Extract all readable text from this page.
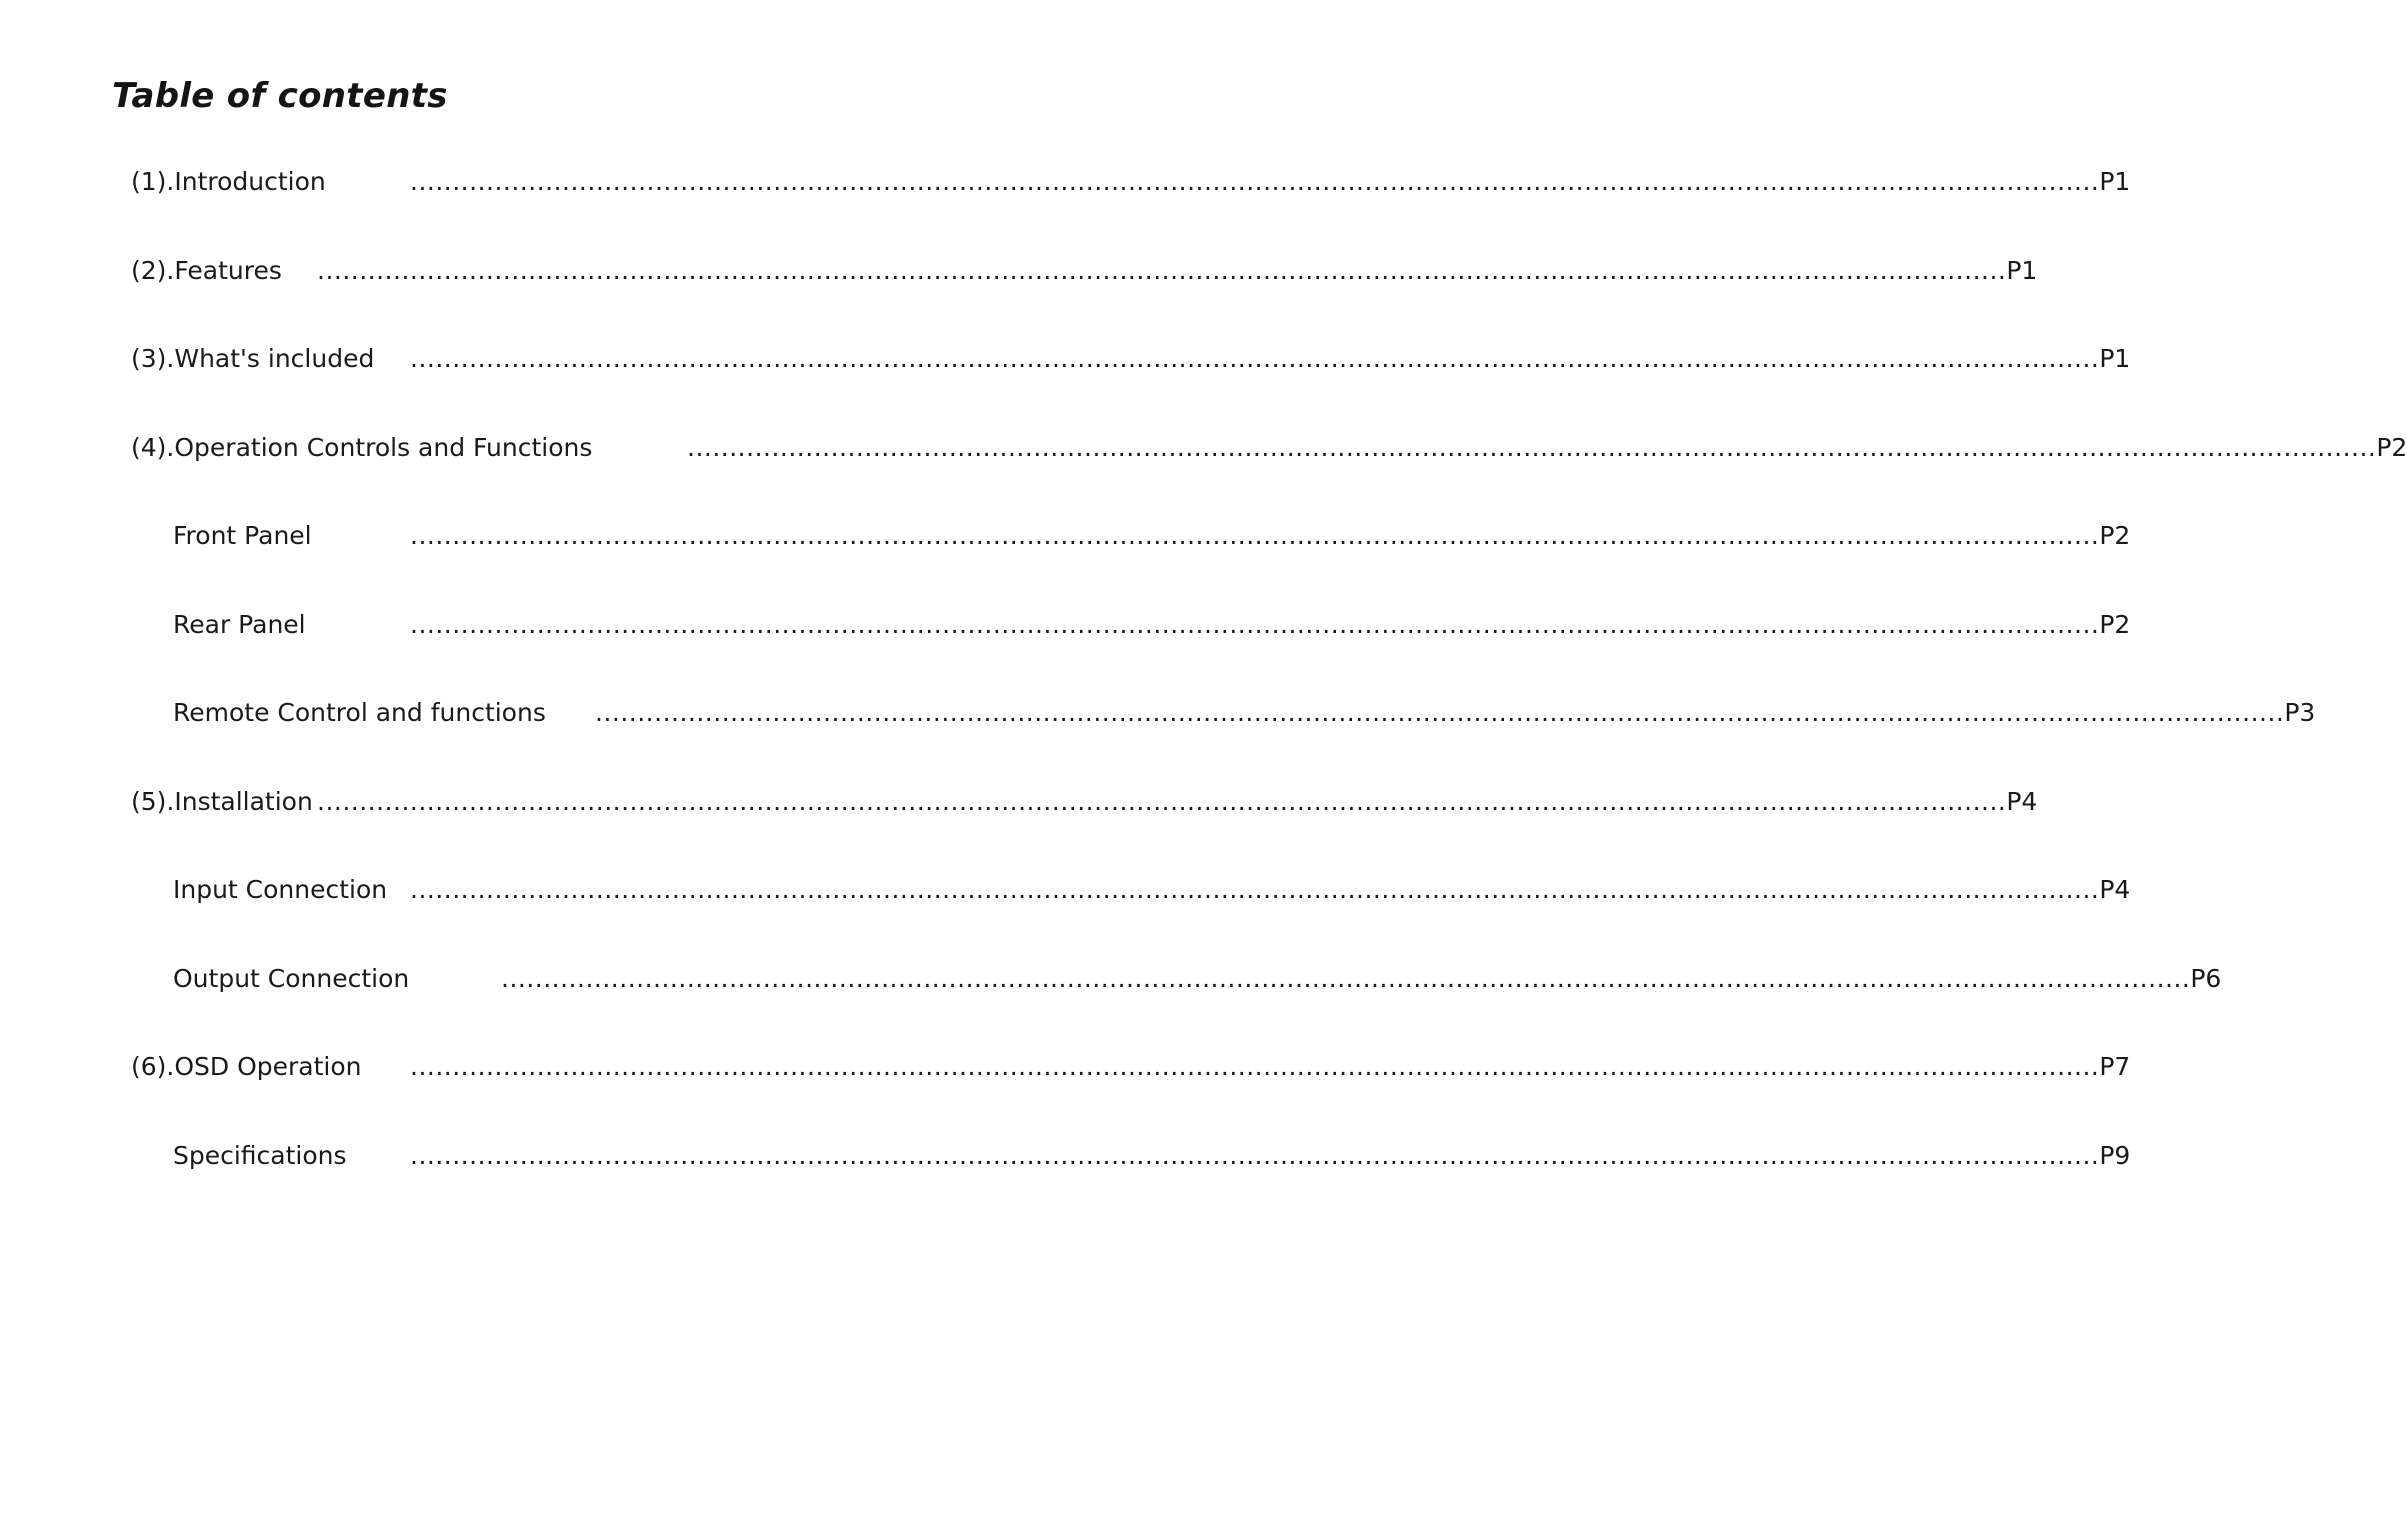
Table of contents
(1).Introduction	........................................................................................................................................................................................................ P1
(2).Features	........................................................................................................................................................................................................ P1
(3).What's included	........................................................................................................................................................................................................ P1
(4).Operation Controls and Functions	........................................................................................................................................................................................................ P2
Front Panel	........................................................................................................................................................................................................ P2
Rear Panel	........................................................................................................................................................................................................ P2
Remote Control and functions	........................................................................................................................................................................................................ P3
(5).Installation ........................................................................................................................................................................................................ P4
Input Connection ........................................................................................................................................................................................................ P4
Output Connection	........................................................................................................................................................................................................ P6
(6).OSD Operation	........................................................................................................................................................................................................ P7
Specifications	........................................................................................................................................................................................................ P9
